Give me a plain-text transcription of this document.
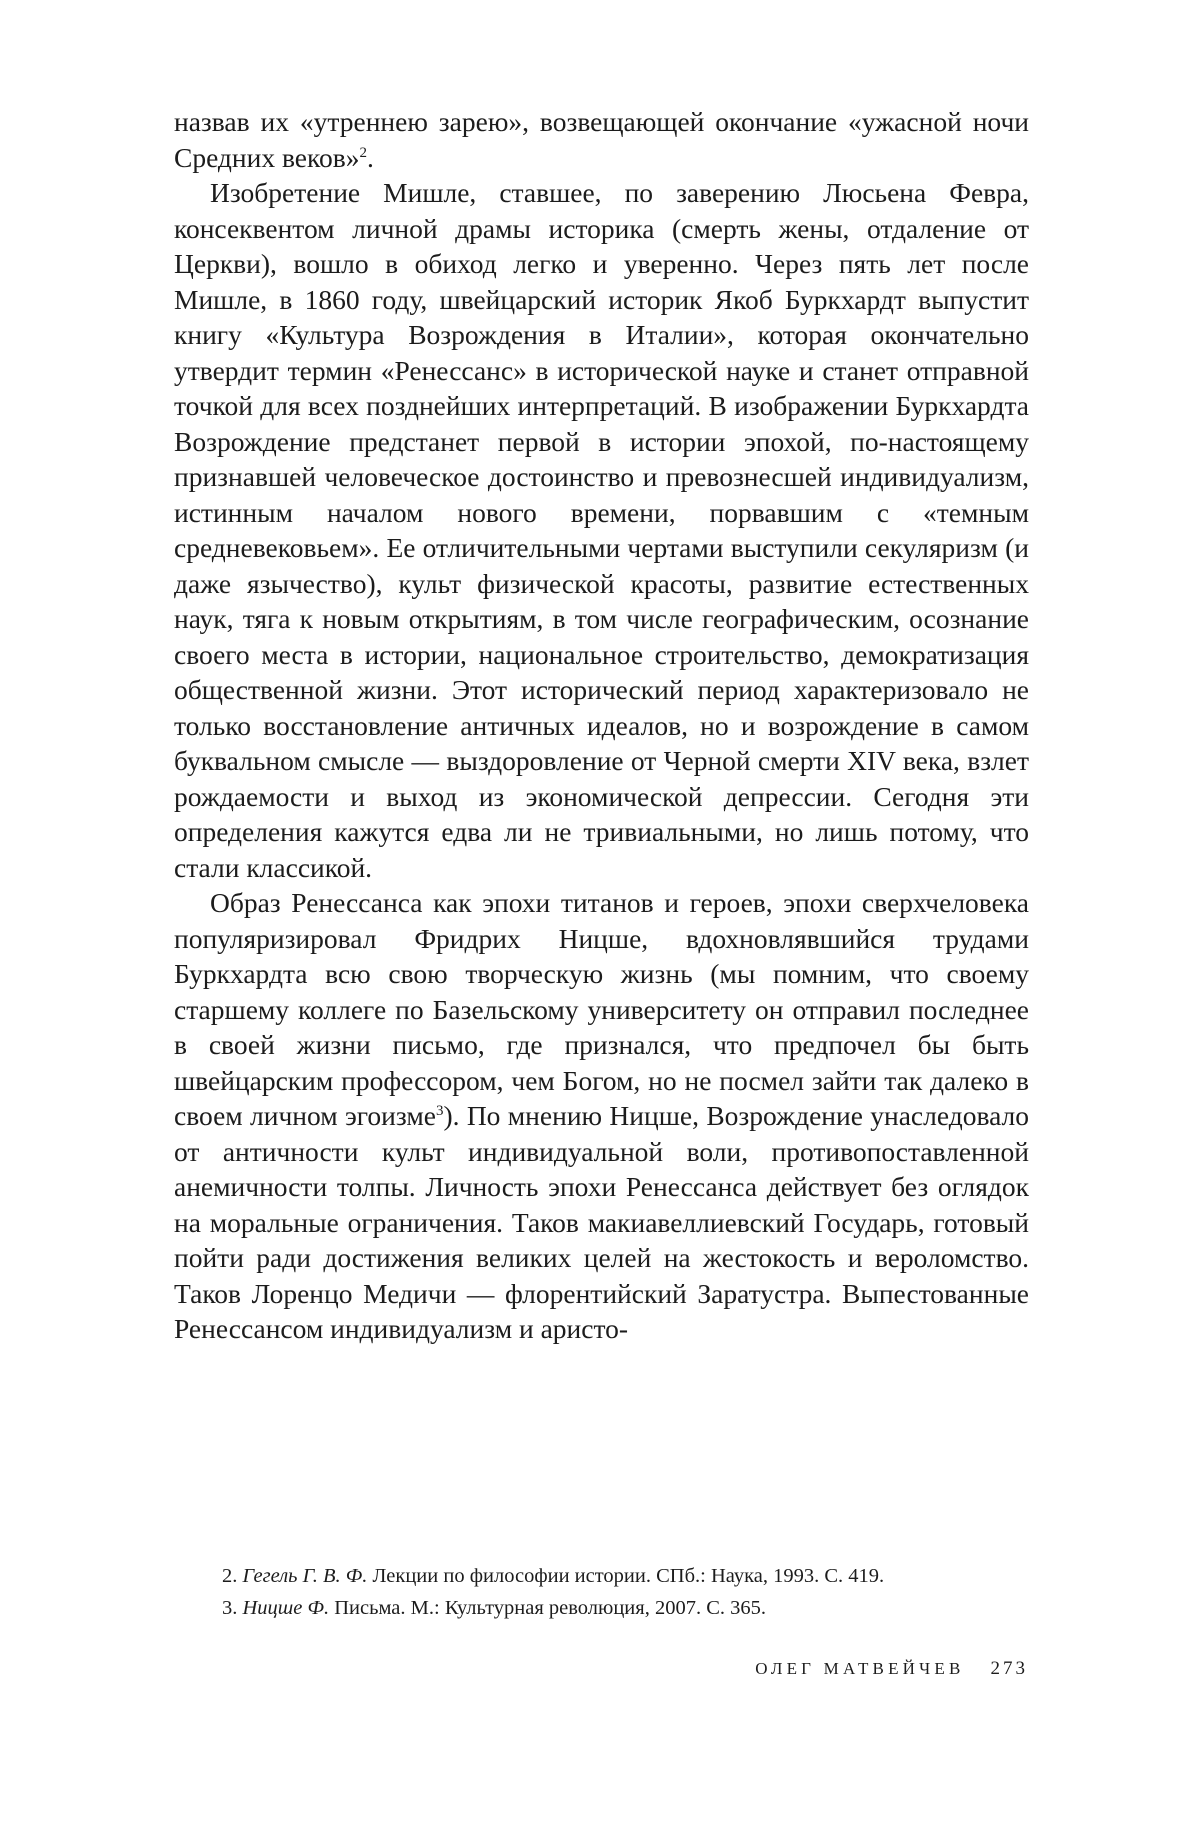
назвав их «утреннею зарею», возвещающей окончание «ужасной ночи Средних веков»$^2$.

Изобретение Мишле, ставшее, по заверению Люсьена Февра, консеквентом личной драмы историка (смерть жены, отдаление от Церкви), вошло в обиход легко и уверенно. Через пять лет после Мишле, в 1860 году, швейцарский историк Якоб Буркхардт выпустит книгу «Культура Возрождения в Италии», которая окончательно утвердит термин «Ренессанс» в исторической науке и станет отправной точкой для всех позднейших интерпретаций. В изображении Буркхардта Возрождение предстанет первой в истории эпохой, по-настоящему признавшей человеческое достоинство и превознесшей индивидуализм, истинным началом нового времени, порвавшим с «темным средневековьем». Ее отличительными чертами выступили секуляризм (и даже язычество), культ физической красоты, развитие естественных наук, тяга к новым открытиям, в том числе географическим, осознание своего места в истории, национальное строительство, демократизация общественной жизни. Этот исторический период характеризовало не только восстановление античных идеалов, но и возрождение в самом буквальном смысле — выздоровление от Черной смерти XIV века, взлет рождаемости и выход из экономической депрессии. Сегодня эти определения кажутся едва ли не тривиальными, но лишь потому, что стали классикой.

Образ Ренессанса как эпохи титанов и героев, эпохи сверхчеловека популяризировал Фридрих Ницше, вдохновлявшийся трудами Буркхардта всю свою творческую жизнь (мы помним, что своему старшему коллеге по Базельскому университету он отправил последнее в своей жизни письмо, где признался, что предпочел бы быть швейцарским профессором, чем Богом, но не посмел зайти так далеко в своем личном эгоизме$^3$). По мнению Ницше, Возрождение унаследовало от античности культ индивидуальной воли, противопоставленной анемичности толпы. Личность эпохи Ренессанса действует без оглядок на моральные ограничения. Таков макиавеллиевский Государь, готовый пойти ради достижения великих целей на жестокость и вероломство. Таков Лоренцо Медичи — флорентийский Заратустра. Выпестованные Ренессансом индивидуализм и аристо-

2. Гегель Г. В. Ф. Лекции по философии истории. СПб.: Наука, 1993. С. 419.

3. Ницше Ф. Письма. М.: Культурная революция, 2007. С. 365.

ОЛЕГ МАТВЕЙЧЕВ 273
